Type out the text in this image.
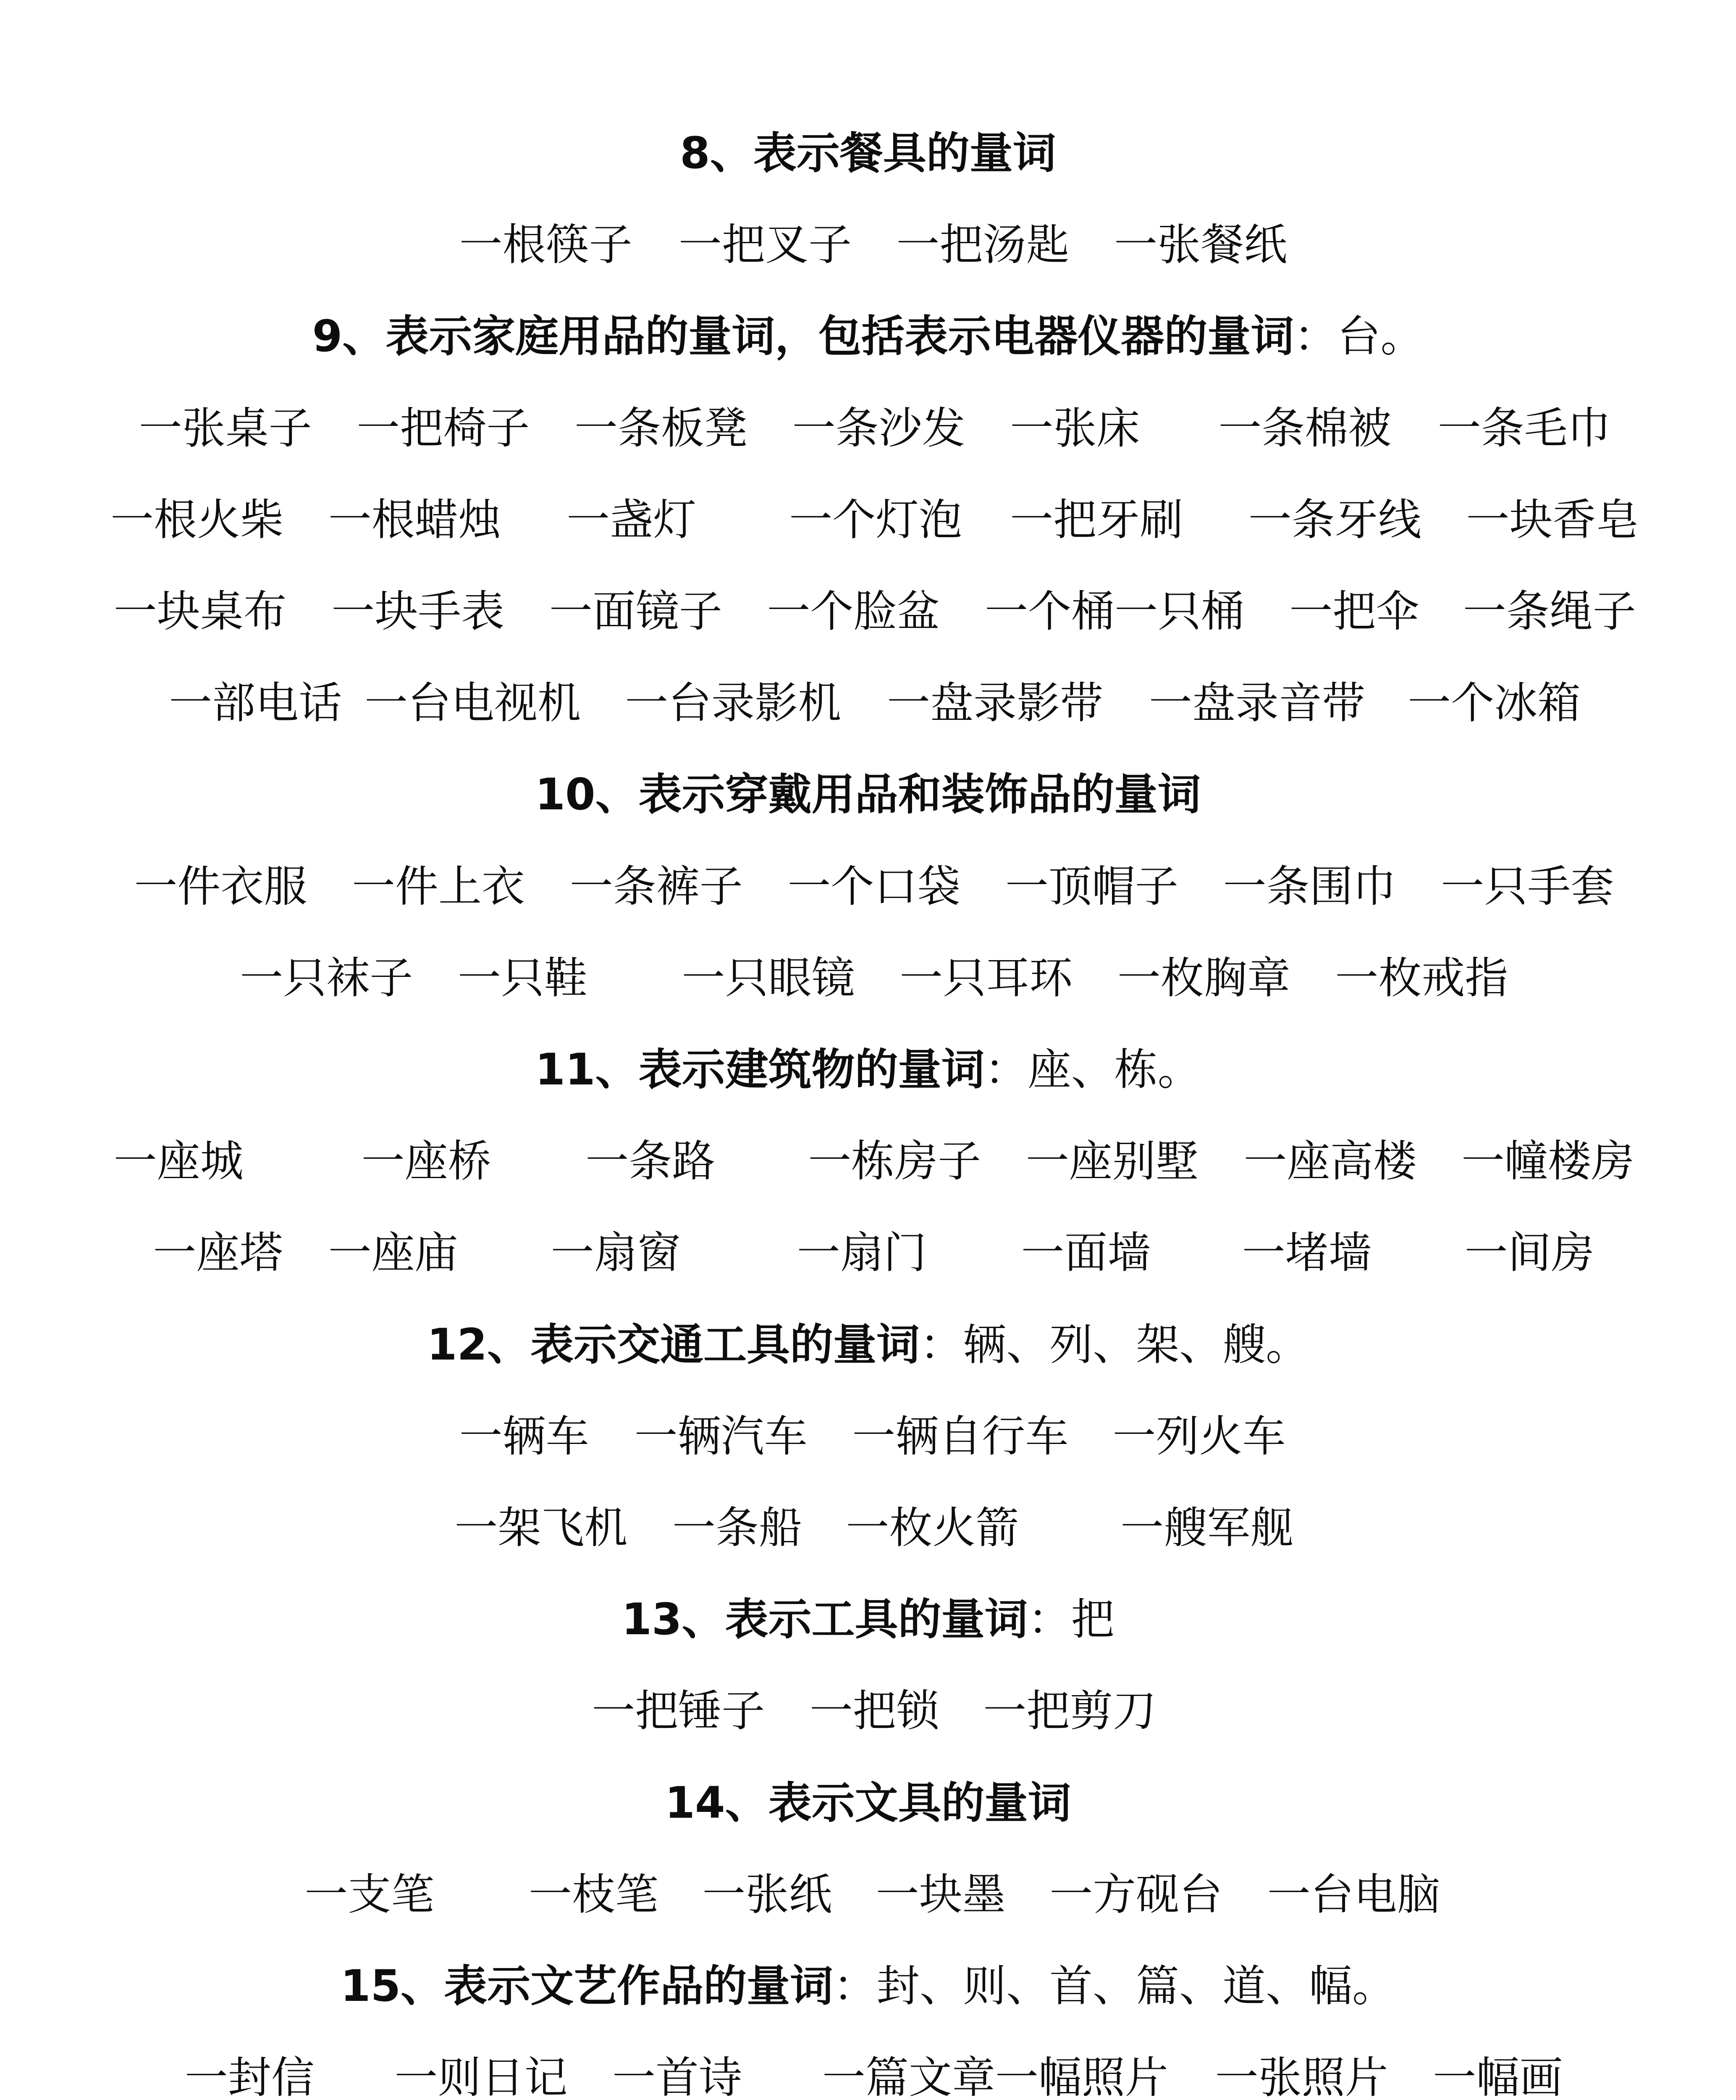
8、表示餐具的量词
一根筷子 一把叉子 一把汤匙 一张餐纸
9、表示家庭用品的量词，包括表示电器仪器的量词：台。
一张桌子 一把椅子 一条板凳 一条沙发 一张床 一条棉被 一条毛巾
一根火柴 一根蜡烛 一盏灯 一个灯泡 一把牙刷 一条牙线 一块香皂
一块桌布 一块手表 一面镜子 一个脸盆 一个桶一只桶 一把伞 一条绳子
一部电话 一台电视机 一台录影机 一盘录影带 一盘录音带 一个冰箱
10、表示穿戴用品和装饰品的量词
一件衣服 一件上衣 一条裤子 一个口袋 一顶帽子 一条围巾 一只手套
一只袜子 一只鞋 一只眼镜 一只耳环 一枚胸章 一枚戒指
11、表示建筑物的量词：座、栋。
一座城	一座桥 一条路 一栋房子 一座别墅 一座高楼 一幢楼房
一座塔 一座庙 一扇窗	一扇门 一面墙 一堵墙 一间房
12、表示交通工具的量词：辆、列、架、艘。
一辆车 一辆汽车 一辆自行车 一列火车
一架飞机 一条船 一枚火箭 一艘军舰
13、表示工具的量词：把
一把锤子 一把锁 一把剪刀
14、表示文具的量词
一支笔 一枝笔 一张纸 一块墨 一方砚台 一台电脑
15、表示文艺作品的量词：封、则、首、篇、道、幅。
一封信 一则日记 一首诗 一篇文章一幅照片 一张照片 一幅画
